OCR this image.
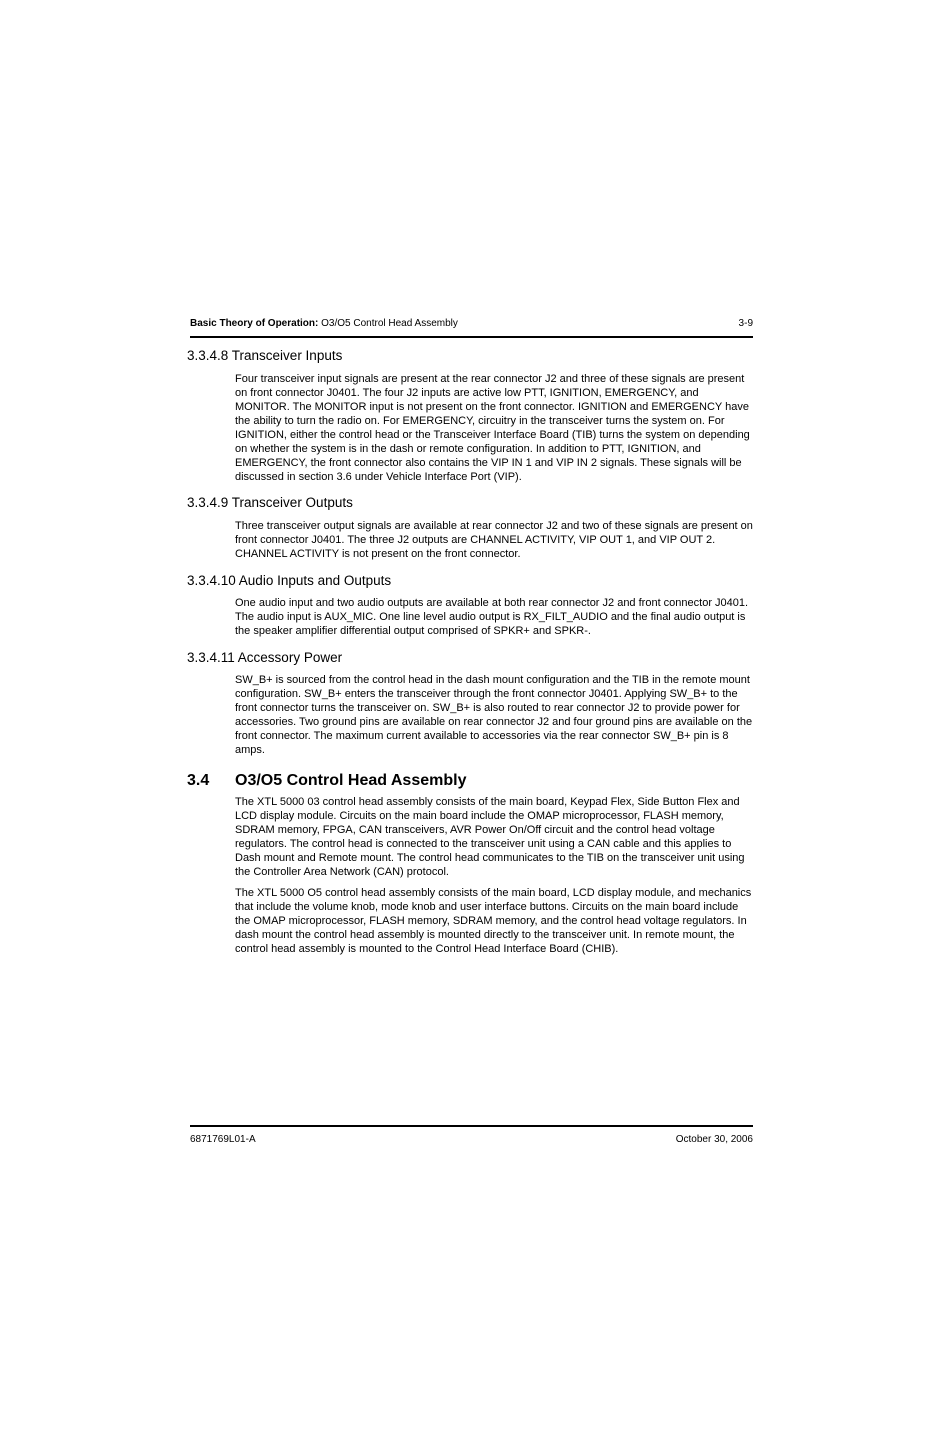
Basic Theory of Operation: O3/O5 Control Head Assembly	3-9
3.3.4.8 Transceiver Inputs

Four transceiver input signals are present at the rear connector J2 and three of these signals are present on front connector J0401. The four J2 inputs are active low PTT, IGNITION, EMERGENCY, and MONITOR. The MONITOR input is not present on the front connector. IGNITION and EMERGENCY have the ability to turn the radio on. For EMERGENCY, circuitry in the transceiver turns the system on. For IGNITION, either the control head or the Transceiver Interface Board (TIB) turns the system on depending on whether the system is in the dash or remote configuration. In addition to PTT, IGNITION, and EMERGENCY, the front connector also contains the VIP IN 1 and VIP IN 2 signals. These signals will be discussed in section 3.6 under Vehicle Interface Port (VIP).

3.3.4.9 Transceiver Outputs

Three transceiver output signals are available at rear connector J2 and two of these signals are present on front connector J0401. The three J2 outputs are CHANNEL ACTIVITY, VIP OUT 1, and VIP OUT 2. CHANNEL ACTIVITY is not present on the front connector.

3.3.4.10 Audio Inputs and Outputs

One audio input and two audio outputs are available at both rear connector J2 and front connector J0401. The audio input is AUX_MIC. One line level audio output is RX_FILT_AUDIO and the final audio output is the speaker amplifier differential output comprised of SPKR+ and SPKR-.

3.3.4.11 Accessory Power

SW_B+ is sourced from the control head in the dash mount configuration and the TIB in the remote mount configuration. SW_B+ enters the transceiver through the front connector J0401. Applying SW_B+ to the front connector turns the transceiver on. SW_B+ is also routed to rear connector J2 to provide power for accessories. Two ground pins are available on rear connector J2 and four ground pins are available on the front connector. The maximum current available to accessories via the rear connector SW_B+ pin is 8 amps.

3.4 O3/O5 Control Head Assembly

The XTL 5000 03 control head assembly consists of the main board, Keypad Flex, Side Button Flex and LCD display module. Circuits on the main board include the OMAP microprocessor, FLASH memory, SDRAM memory, FPGA, CAN transceivers, AVR Power On/Off circuit and the control head voltage regulators. The control head is connected to the transceiver unit using a CAN cable and this applies to Dash mount and Remote mount. The control head communicates to the TIB on the transceiver unit using the Controller Area Network (CAN) protocol.

The XTL 5000 O5 control head assembly consists of the main board, LCD display module, and mechanics that include the volume knob, mode knob and user interface buttons. Circuits on the main board include the OMAP microprocessor, FLASH memory, SDRAM memory, and the control head voltage regulators. In dash mount the control head assembly is mounted directly to the transceiver unit. In remote mount, the control head assembly is mounted to the Control Head Interface Board (CHIB).

6871769L01-A	October 30, 2006
